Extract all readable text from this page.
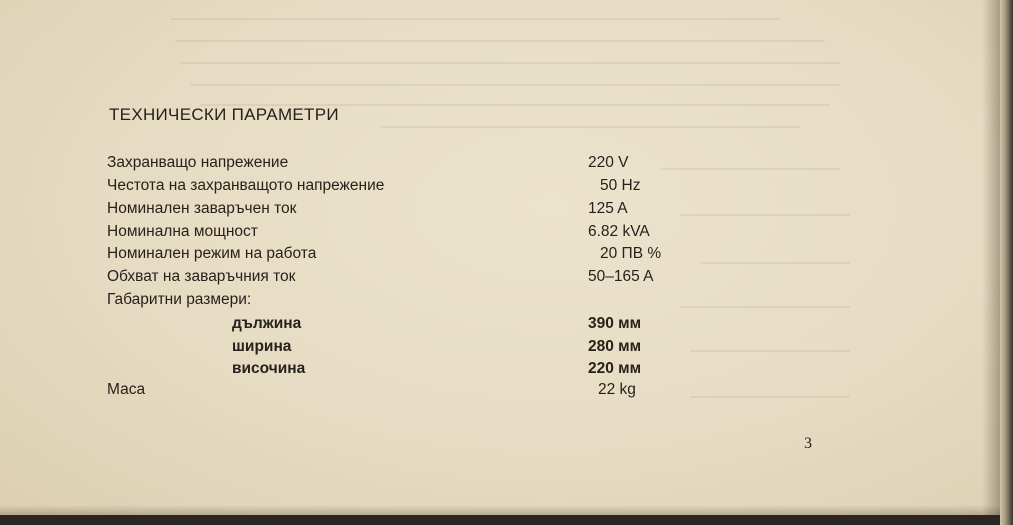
ТЕХНИЧЕСКИ ПАРАМЕТРИ
Захранващо напрежение	220 V
Честота на захранващото напрежение	50 Hz
Номинален заваръчен ток	125 A
Номинална мощност	6.82 kVA
Номинален режим на работа	20 ПВ %
Обхват на заваръчния ток	50–165 A
Габаритни размери:
дължина	390 мм
ширина	280 мм
височина	220 мм
Маса	22 kg
3
